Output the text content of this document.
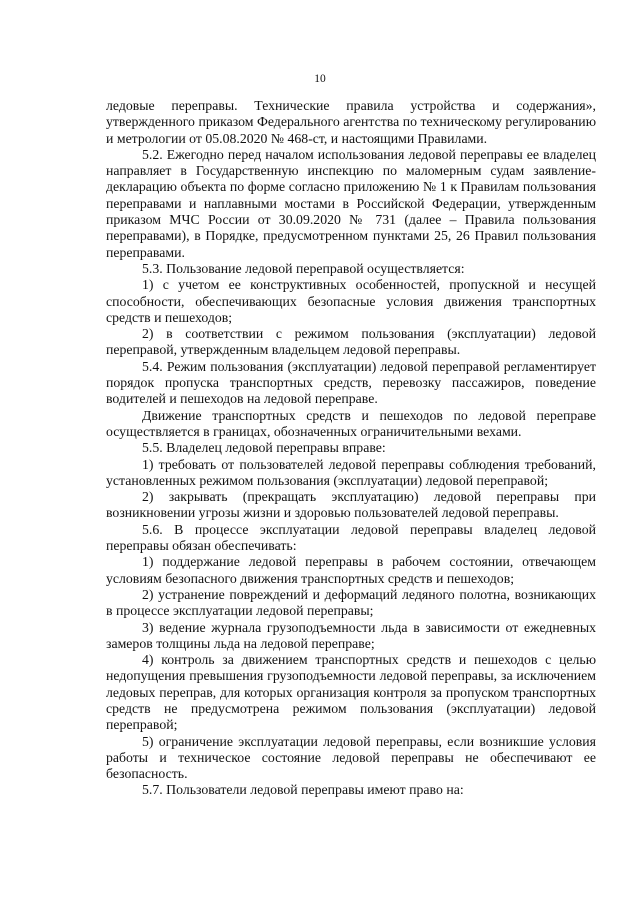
10

ледовые переправы. Технические правила устройства и содержания», утвержденного приказом Федерального агентства по техническому регулированию и метрологии от 05.08.2020 № 468-ст, и настоящими Правилами.

5.2. Ежегодно перед началом использования ледовой переправы ее владелец направляет в Государственную инспекцию по маломерным судам заявление-декларацию объекта по форме согласно приложению № 1 к Правилам пользования переправами и наплавными мостами в Российской Федерации, утвержденным приказом МЧС России от 30.09.2020 № 731 (далее – Правила пользования переправами), в Порядке, предусмотренном пунктами 25, 26 Правил пользования переправами.

5.3. Пользование ледовой переправой осуществляется:

1) с учетом ее конструктивных особенностей, пропускной и несущей способности, обеспечивающих безопасные условия движения транспортных средств и пешеходов;

2) в соответствии с режимом пользования (эксплуатации) ледовой переправой, утвержденным владельцем ледовой переправы.

5.4. Режим пользования (эксплуатации) ледовой переправой регламентирует порядок пропуска транспортных средств, перевозку пассажиров, поведение водителей и пешеходов на ледовой переправе.

Движение транспортных средств и пешеходов по ледовой переправе осуществляется в границах, обозначенных ограничительными вехами.

5.5. Владелец ледовой переправы вправе:

1) требовать от пользователей ледовой переправы соблюдения требований, установленных режимом пользования (эксплуатации) ледовой переправой;

2) закрывать (прекращать эксплуатацию) ледовой переправы при возникновении угрозы жизни и здоровью пользователей ледовой переправы.

5.6. В процессе эксплуатации ледовой переправы владелец ледовой переправы обязан обеспечивать:

1) поддержание ледовой переправы в рабочем состоянии, отвечающем условиям безопасного движения транспортных средств и пешеходов;

2) устранение повреждений и деформаций ледяного полотна, возникающих в процессе эксплуатации ледовой переправы;

3) ведение журнала грузоподъемности льда в зависимости от ежедневных замеров толщины льда на ледовой переправе;

4) контроль за движением транспортных средств и пешеходов с целью недопущения превышения грузоподъемности ледовой переправы, за исключением ледовых переправ, для которых организация контроля за пропуском транспортных средств не предусмотрена режимом пользования (эксплуатации) ледовой переправой;

5) ограничение эксплуатации ледовой переправы, если возникшие условия работы и техническое состояние ледовой переправы не обеспечивают ее безопасность.

5.7. Пользователи ледовой переправы имеют право на:
